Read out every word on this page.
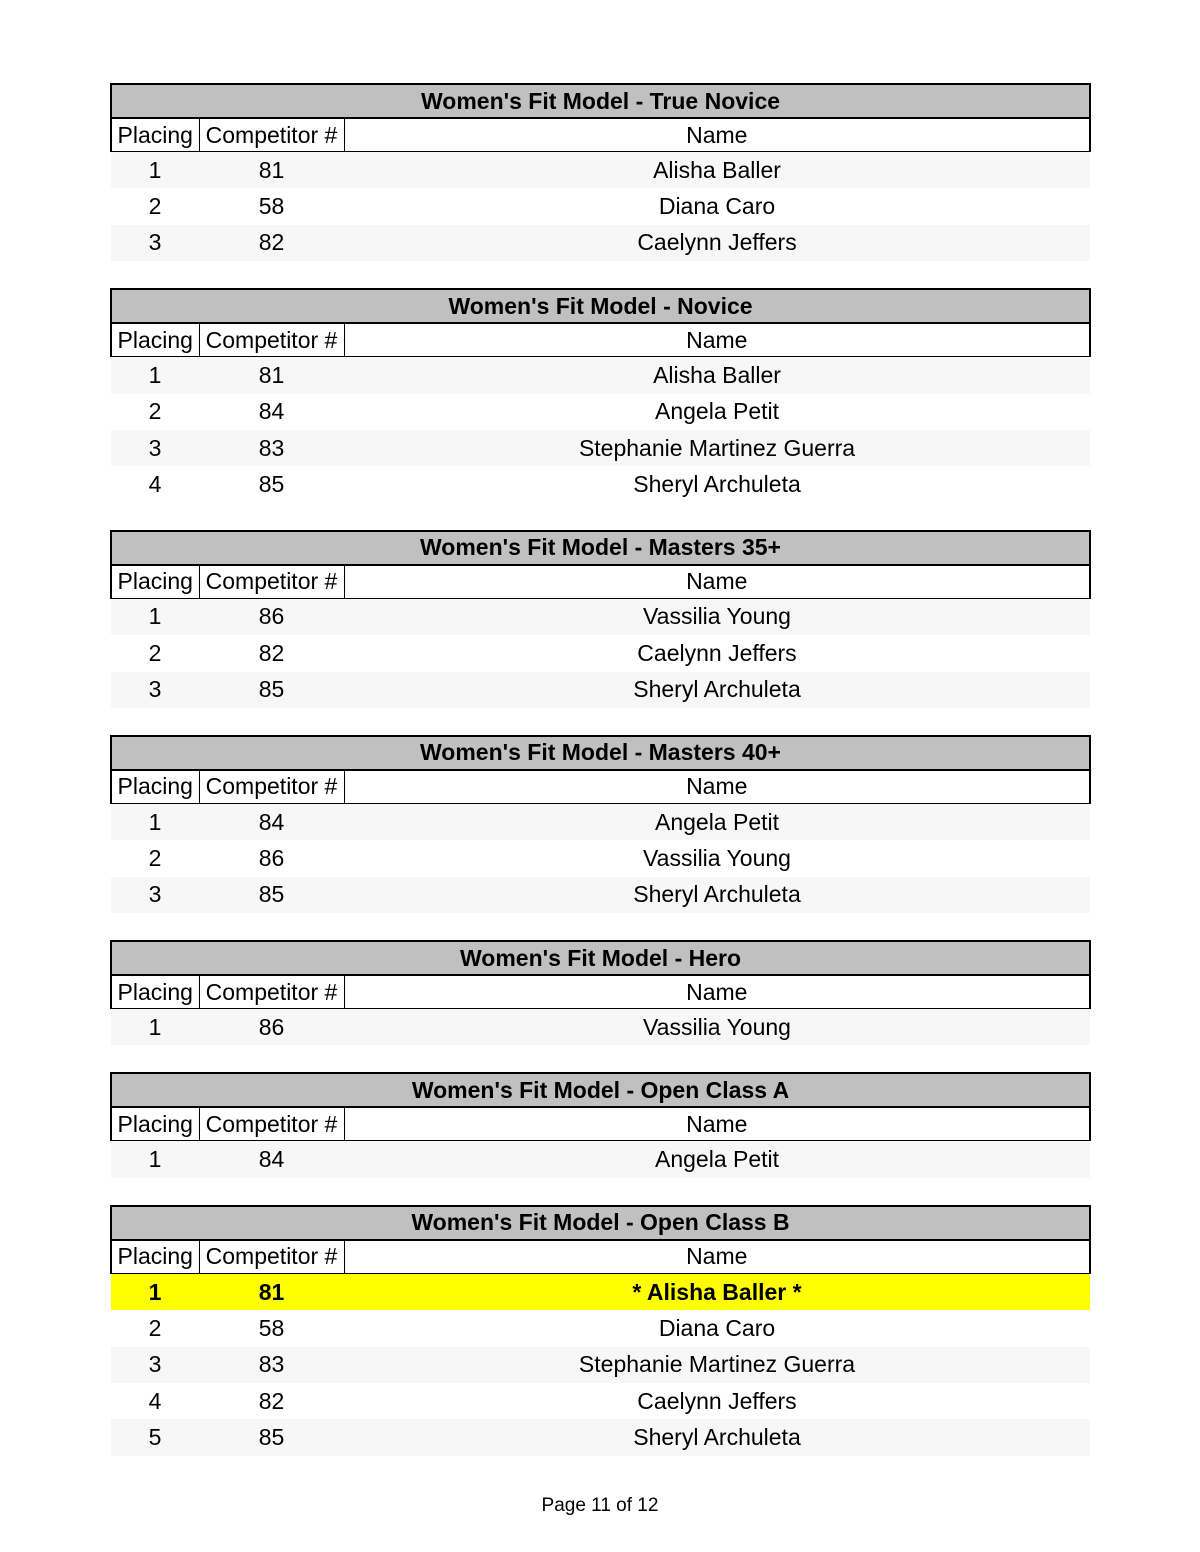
Women's Fit Model - True Novice		
Placing	Competitor #	Name
1	81	Alisha Baller
2	58	Diana Caro
3	82	Caelynn Jeffers
Women's Fit Model - Novice		
Placing	Competitor #	Name
1	81	Alisha Baller
2	84	Angela Petit
3	83	Stephanie Martinez Guerra
4	85	Sheryl Archuleta
Women's Fit Model - Masters 35+		
Placing	Competitor #	Name
1	86	Vassilia Young
2	82	Caelynn Jeffers
3	85	Sheryl Archuleta
Women's Fit Model - Masters 40+		
Placing	Competitor #	Name
1	84	Angela Petit
2	86	Vassilia Young
3	85	Sheryl Archuleta
Women's Fit Model - Hero		
Placing	Competitor #	Name
1	86	Vassilia Young
Women's Fit Model - Open Class A		
Placing	Competitor #	Name
1	84	Angela Petit
Women's Fit Model - Open Class B		
Placing	Competitor #	Name
1	81	* Alisha Baller *
2	58	Diana Caro
3	83	Stephanie Martinez Guerra
4	82	Caelynn Jeffers
5	85	Sheryl Archuleta
Page 11 of 12
